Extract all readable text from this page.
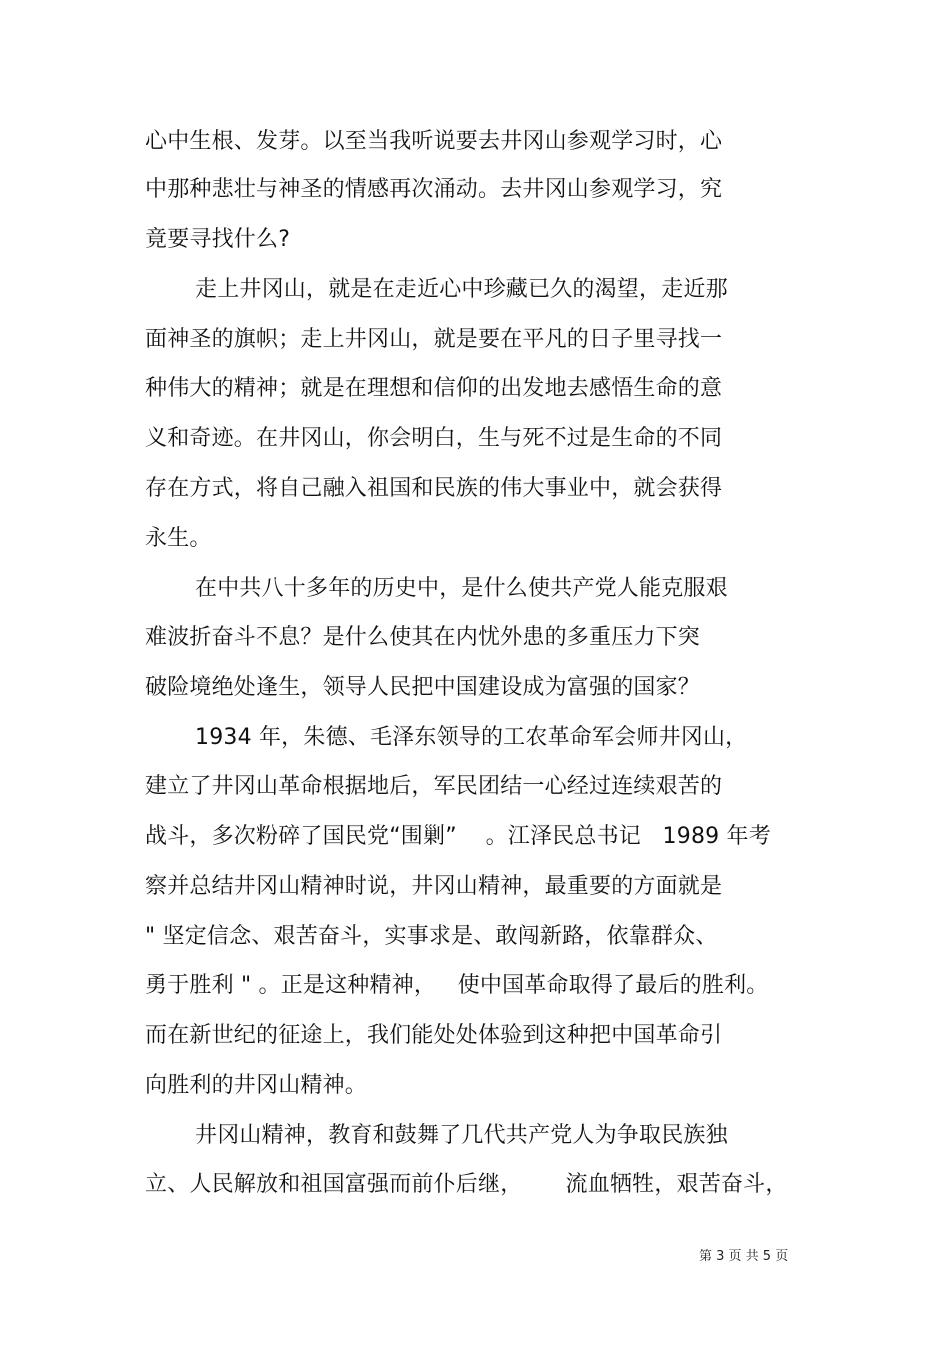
心中生根、发芽。以至当我听说要去井冈山参观学习时，心
中那种悲壮与神圣的情感再次涌动。去井冈山参观学习，究
竟要寻找什么?
走上井冈山，就是在走近心中珍藏已久的渴望，走近那
面神圣的旗帜；走上井冈山，就是要在平凡的日子里寻找一
种伟大的精神；就是在理想和信仰的出发地去感悟生命的意
义和奇迹。在井冈山，你会明白，生与死不过是生命的不同
存在方式，将自己融入祖国和民族的伟大事业中，就会获得
永生。
在中共八十多年的历史中，是什么使共产党人能克服艰
难波折奋斗不息？是什么使其在内忧外患的多重压力下突
破险境绝处逢生，领导人民把中国建设成为富强的国家？
1934 年，朱德、毛泽东领导的工农革命军会师井冈山，
建立了井冈山革命根据地后，军民团结一心经过连续艰苦的
战斗，多次粉碎了国民党“围剿”    。江泽民总书记   1989 年考
察并总结井冈山精神时说，井冈山精神，最重要的方面就是
" 坚定信念、艰苦奋斗，实事求是、敢闯新路，依靠群众、
勇于胜利 " 。正是这种精神，   使中国革命取得了最后的胜利。
而在新世纪的征途上，我们能处处体验到这种把中国革命引
向胜利的井冈山精神。
井冈山精神，教育和鼓舞了几代共产党人为争取民族独
立、人民解放和祖国富强而前仆后继，      流血牺牲，艰苦奋斗，
第 3 页 共 5 页
